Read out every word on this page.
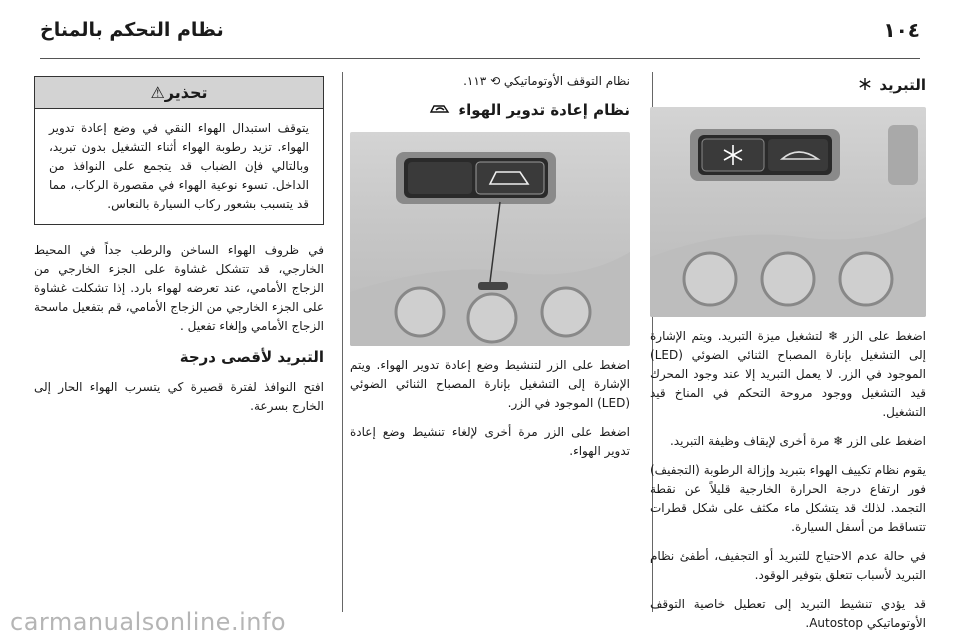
١٠٤
نظام التحكم بالمناخ
التبريد

اضغط على الزر ❄ لتشغيل ميزة التبريد. ويتم الإشارة إلى التشغيل بإنارة المصباح الثنائي الضوئي (LED) الموجود في الزر. لا يعمل التبريد إلا عند وجود المحرك قيد التشغيل ووجود مروحة التحكم في المناخ قيد التشغيل.

اضغط على الزر ❄ مرة أخرى لإيقاف وظيفة التبريد.

يقوم نظام تكييف الهواء بتبريد وإزالة الرطوبة (التجفيف) فور ارتفاع درجة الحرارة الخارجية قليلاً عن نقطة التجمد. لذلك قد يتشكل ماء مكثف على شكل قطرات تتساقط من أسفل السيارة.

في حالة عدم الاحتياج للتبريد أو التجفيف، أطفئ نظام التبريد لأسباب تتعلق بتوفير الوقود.

قد يؤدي تنشيط التبريد إلى تعطيل خاصية التوقف الأوتوماتيكي Autostop.

نظام التوقف الأوتوماتيكي ⟲ ١١٣.
نظام إعادة تدوير الهواء

اضغط على الزر لتنشيط وضع إعادة تدوير الهواء. ويتم الإشارة إلى التشغيل بإنارة المصباح الثنائي الضوئي (LED) الموجود في الزر.

اضغط على الزر مرة أخرى لإلغاء تنشيط وضع إعادة تدوير الهواء.

تحذير⚠
يتوقف استبدال الهواء النقي في وضع إعادة تدوير الهواء. تزيد رطوبة الهواء أثناء التشغيل بدون تبريد، وبالتالي فإن الضباب قد يتجمع على النوافذ من الداخل. تسوء نوعية الهواء في مقصورة الركاب، مما قد يتسبب بشعور ركاب السيارة بالنعاس.

في ظروف الهواء الساخن والرطب جداً في المحيط الخارجي، قد تتشكل غشاوة على الجزء الخارجي من الزجاج الأمامي، عند تعرضه لهواء بارد. إذا تشكلت غشاوة على الجزء الخارجي من الزجاج الأمامي، قم بتفعيل ماسحة الزجاج الأمامي وإلغاء تفعيل .

التبريد لأقصى درجة

افتح النوافذ لفترة قصيرة كي يتسرب الهواء الحار إلى الخارج بسرعة.

carmanualsonline.info
